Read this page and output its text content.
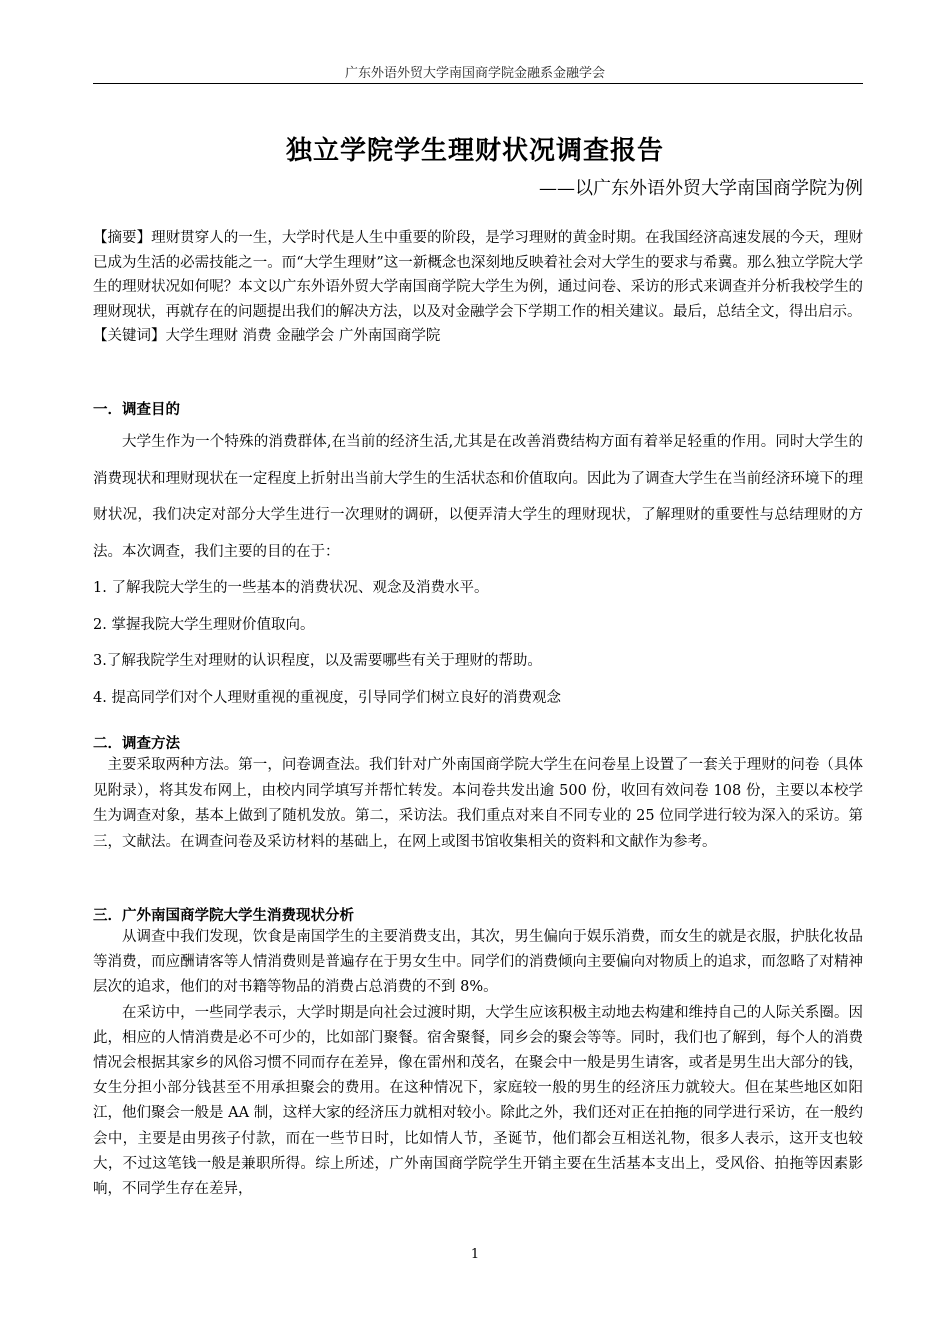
广东外语外贸大学南国商学院金融系金融学会
独立学院学生理财状况调查报告
——以广东外语外贸大学南国商学院为例

【摘要】理财贯穿人的一生，大学时代是人生中重要的阶段，是学习理财的黄金时期。在我国经济高速发展的今天，理财已成为生活的必需技能之一。而“大学生理财”这一新概念也深刻地反映着社会对大学生的要求与希冀。那么独立学院大学生的理财状况如何呢？本文以广东外语外贸大学南国商学院大学生为例，通过问卷、采访的形式来调查并分析我校学生的理财现状，再就存在的问题提出我们的解决方法，以及对金融学会下学期工作的相关建议。最后，总结全文，得出启示。

【关键词】大学生理财 消费 金融学会 广外南国商学院

一．调查目的

大学生作为一个特殊的消费群体,在当前的经济生活,尤其是在改善消费结构方面有着举足轻重的作用。同时大学生的消费现状和理财现状在一定程度上折射出当前大学生的生活状态和价值取向。因此为了调查大学生在当前经济环境下的理财状况，我们决定对部分大学生进行一次理财的调研，以便弄清大学生的理财现状，了解理财的重要性与总结理财的方法。本次调查，我们主要的目的在于：

1. 了解我院大学生的一些基本的消费状况、观念及消费水平。

2. 掌握我院大学生理财价值取向。

3.了解我院学生对理财的认识程度，以及需要哪些有关于理财的帮助。

4. 提高同学们对个人理财重视的重视度，引导同学们树立良好的消费观念

二．调查方法

主要采取两种方法。第一，问卷调查法。我们针对广外南国商学院大学生在问卷星上设置了一套关于理财的问卷（具体见附录），将其发布网上，由校内同学填写并帮忙转发。本问卷共发出逾 500 份，收回有效问卷 108 份，主要以本校学生为调查对象，基本上做到了随机发放。第二，采访法。我们重点对来自不同专业的 25 位同学进行较为深入的采访。第三，文献法。在调查问卷及采访材料的基础上，在网上或图书馆收集相关的资料和文献作为参考。

三．广外南国商学院大学生消费现状分析

从调查中我们发现，饮食是南国学生的主要消费支出，其次，男生偏向于娱乐消费，而女生的就是衣服，护肤化妆品等消费，而应酬请客等人情消费则是普遍存在于男女生中。同学们的消费倾向主要偏向对物质上的追求，而忽略了对精神层次的追求，他们的对书籍等物品的消费占总消费的不到 8%。

在采访中，一些同学表示，大学时期是向社会过渡时期，大学生应该积极主动地去构建和维持自己的人际关系圈。因此，相应的人情消费是必不可少的，比如部门聚餐。宿舍聚餐，同乡会的聚会等等。同时，我们也了解到，每个人的消费情况会根据其家乡的风俗习惯不同而存在差异，像在雷州和茂名，在聚会中一般是男生请客，或者是男生出大部分的钱，女生分担小部分钱甚至不用承担聚会的费用。在这种情况下，家庭较一般的男生的经济压力就较大。但在某些地区如阳江，他们聚会一般是 AA 制，这样大家的经济压力就相对较小。除此之外，我们还对正在拍拖的同学进行采访，在一般约会中，主要是由男孩子付款，而在一些节日时，比如情人节，圣诞节，他们都会互相送礼物，很多人表示，这开支也较大，不过这笔钱一般是兼职所得。综上所述，广外南国商学院学生开销主要在生活基本支出上，受风俗、拍拖等因素影响，不同学生存在差异，

1
